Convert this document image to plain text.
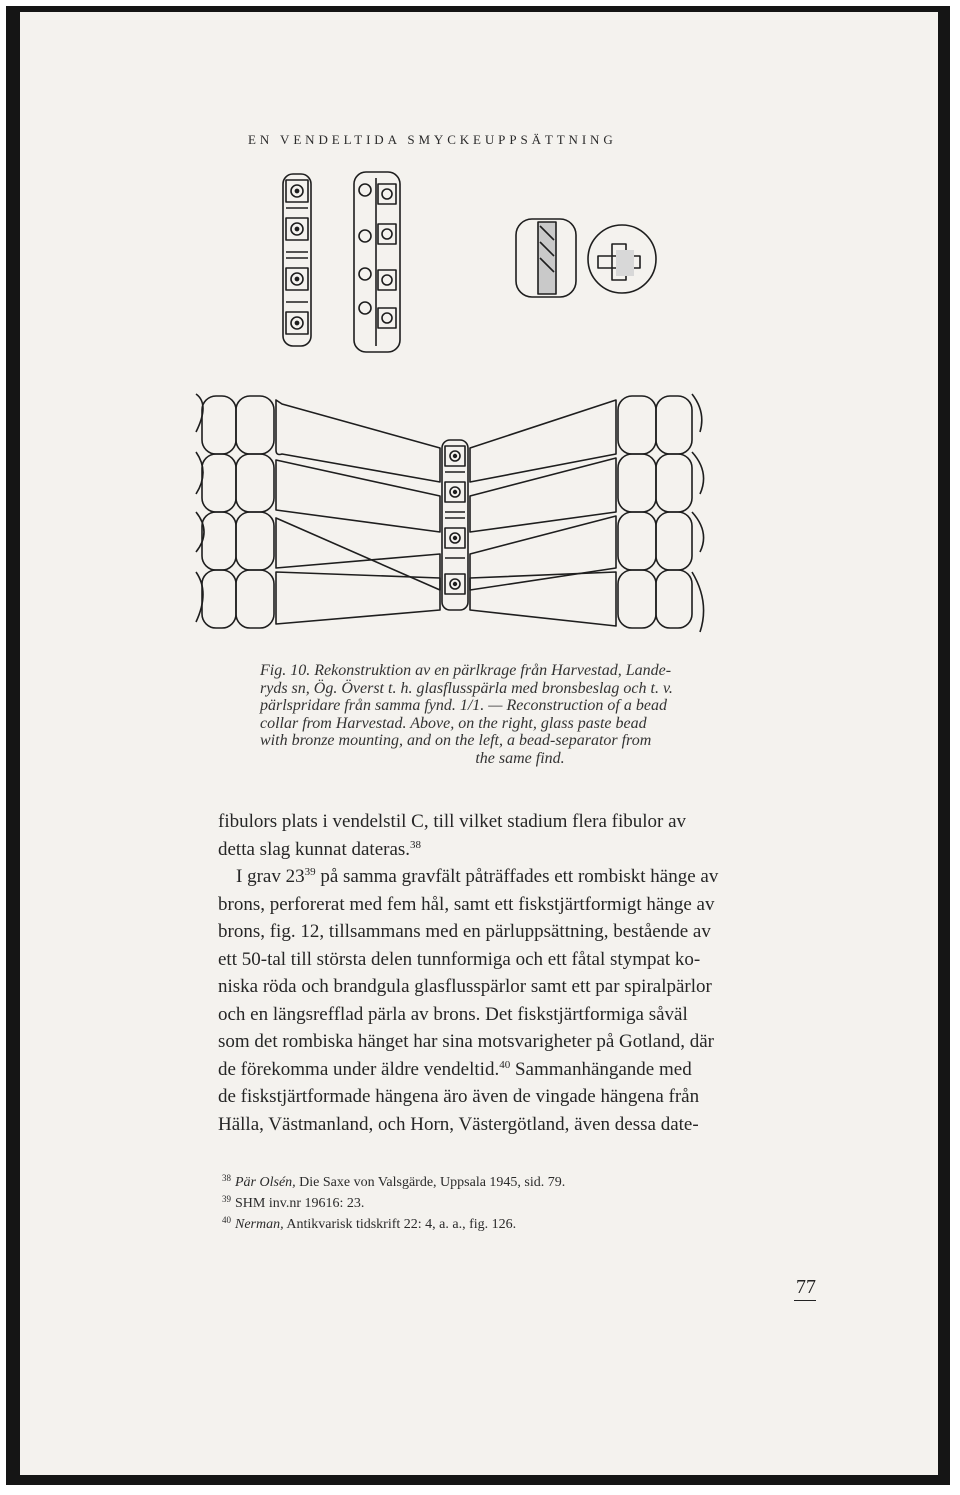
EN VENDELTIDA SMYCKEUPPSÄTTNING
Fig. 10. Rekonstruktion av en pärlkrage från Harvestad, Lande-
ryds sn, Ög. Överst t. h. glasflusspärla med bronsbeslag och t. v.
pärlspridare från samma fynd. 1/1. — Reconstruction of a bead
collar from Harvestad. Above, on the right, glass paste bead
with bronze mounting, and on the left, a bead-separator from
the same find.
fibulors plats i vendelstil C, till vilket stadium flera fibulor av
detta slag kunnat dateras.$^{38}$
I grav $23^{39}$ på samma gravfält påträffades ett rombiskt hänge av
brons, perforerat med fem hål, samt ett fiskstjärtformigt hänge av
brons, fig. 12, tillsammans med en pärluppsättning, bestående av
ett 50-tal till största delen tunnformiga och ett fåtal stympat ko-
niska röda och brandgula glasflusspärlor samt ett par spiralpärlor
och en längsrefflad pärla av brons. Det fiskstjärtformiga såväl
som det rombiska hänget har sina motsvarigheter på Gotland, där
de förekomma under äldre vendeltid.$^{40}$ Sammanhängande med
de fiskstjärtformade hängena äro även de vingade hängena från
Hälla, Västmanland, och Horn, Västergötland, även dessa date-
$^{38}$ Pär Olsén, Die Saxe von Valsgärde, Uppsala 1945, sid. 79.
$^{39}$ SHM inv.nr 19616: 23.
$^{40}$ Nerman, Antikvarisk tidskrift 22: 4, a. a., fig. 126.
77
